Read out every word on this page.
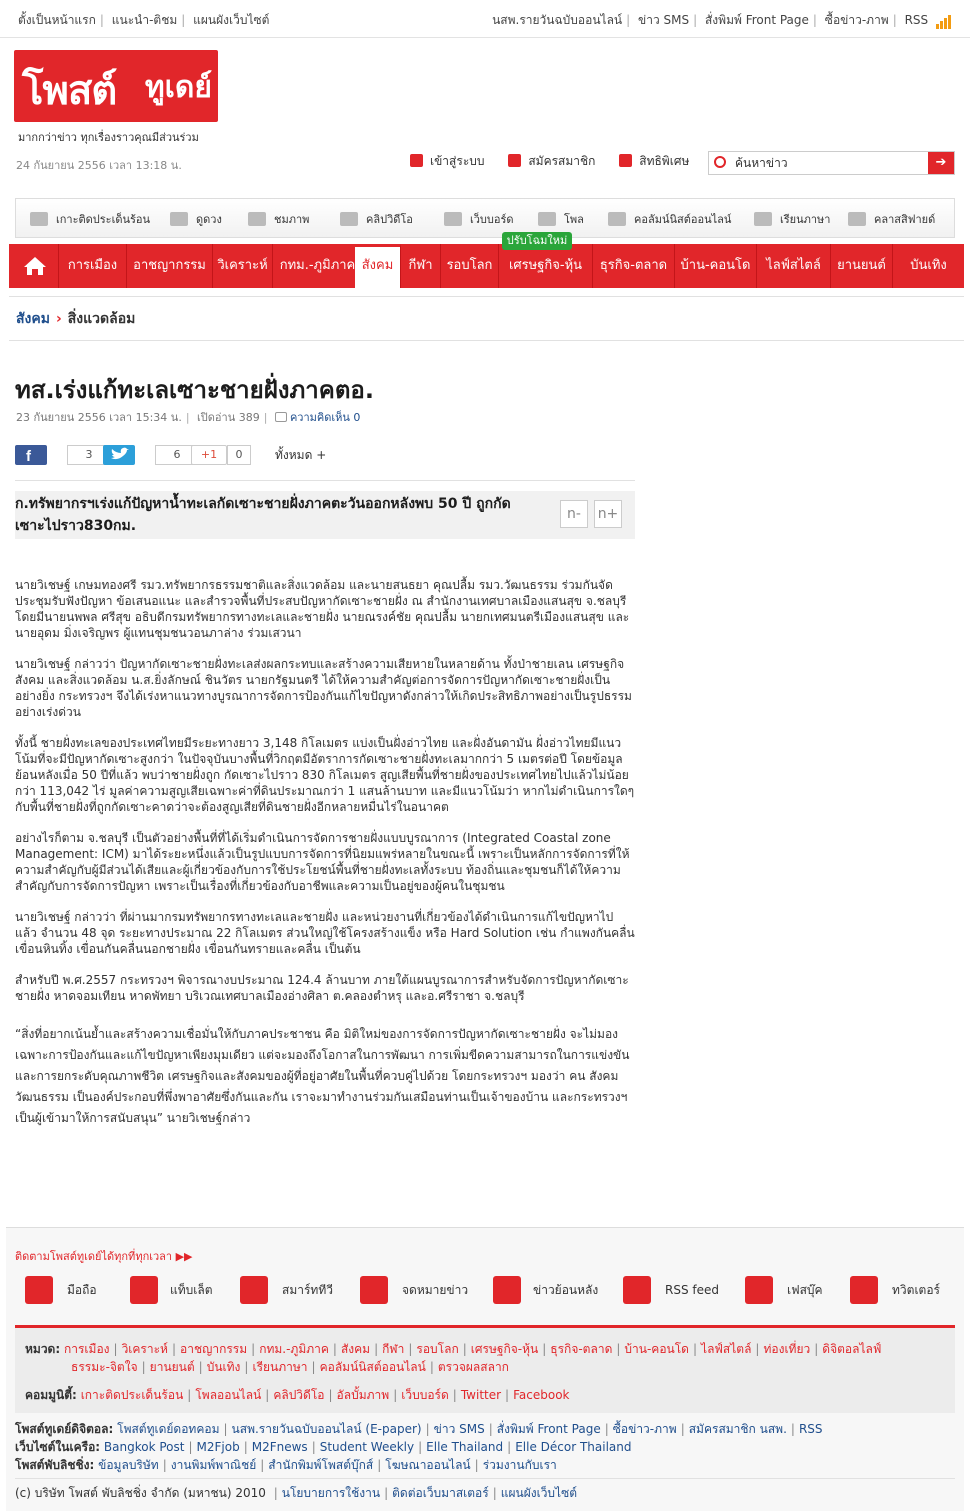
ตั้งเป็นหน้าแรก | แนะนำ-ติชม | แผนผังเว็บไซต์	นสพ.รายวันฉบับออนไลน์ | ข่าว SMS | สั่งพิมพ์ Front Page | ซื้อข่าว-ภาพ | RSS
โพสต์ ทูเดย์
มากกว่าข่าว ทุกเรื่องราวคุณมีส่วนร่วม
24 กันยายน 2556 เวลา 13:18 น.	เข้าสู่ระบบ	สมัครสมาชิก	สิทธิพิเศษ
ค้นหาข่าว	➔
เกาะติดประเด็นร้อน	ดูดวง	ชมภาพ	คลิปวิดีโอ	เว็บบอร์ด	โพล	คอลัมน์นิสต์ออนไลน์	เรียนภาษา	คลาสสิฟายด์
การเมือง	อาชญากรรม วิเคราะห์ กทม.-ภูมิภาค สังคม	กีฬา	รอบโลก	เศรษฐกิจ-หุ้น	ธุรกิจ-ตลาด	บ้าน-คอนโด	ไลฟ์สไตล์	ยานยนต์	บันเทิง
ปรับโฉมใหม่
สังคม › สิ่งแวดล้อม
ทส.เร่งแก้ทะเลเซาะชายฝั่งภาคตอ.
23 กันยายน 2556 เวลา 15:34 น. | เปิดอ่าน 389 | ความคิดเห็น 0
f	3	6	+1	0	ทั้งหมด +

ก.ทรัพยากรฯเร่งแก้ปัญหาน้ำทะเลกัดเซาะชายฝั่งภาคตะวันออกหลังพบ 50 ปี ถูกกัดเซาะไปราว830กม.

n-	n+

นายวิเชษฐ์ เกษมทองศรี รมว.ทรัพยากรธรรมชาติและสิ่งแวดล้อม และนายสนธยา คุณปลื้ม รมว.วัฒนธรรม ร่วมกันจัดประชุมรับฟังปัญหา ข้อเสนอแนะ และสำรวจพื้นที่ประสบปัญหากัดเซาะชายฝั่ง ณ สำนักงานเทศบาลเมืองแสนสุข จ.ชลบุรี โดยมีนายนพพล ศรีสุข อธิบดีกรมทรัพยากรทางทะเลและชายฝั่ง นายณรงค์ชัย คุณปลื้ม นายกเทศมนตรีเมืองแสนสุข และนายอุดม มิ่งเจริญพร ผู้แทนชุมชนวอนภาล่าง ร่วมเสวนา

นายวิเชษฐ์ กล่าวว่า ปัญหากัดเซาะชายฝั่งทะเลส่งผลกระทบและสร้างความเสียหายในหลายด้าน ทั้งป่าชายเลน เศรษฐกิจ สังคม และสิ่งแวดล้อม น.ส.ยิ่งลักษณ์ ชินวัตร นายกรัฐมนตรี ได้ให้ความสำคัญต่อการจัดการปัญหากัดเซาะชายฝั่งเป็นอย่างยิ่ง กระทรวงฯ จึงได้เร่งหาแนวทางบูรณาการจัดการป้องกันแก้ไขปัญหาดังกล่าวให้เกิดประสิทธิภาพอย่างเป็นรูปธรรมอย่างเร่งด่วน

ทั้งนี้ ชายฝั่งทะเลของประเทศไทยมีระยะทางยาว 3,148 กิโลเมตร แบ่งเป็นฝั่งอ่าวไทย และฝั่งอันดามัน ฝั่งอ่าวไทยมีแนวโน้มที่จะมีปัญหากัดเซาะสูงกว่า ในปัจจุบันบางพื้นที่วิกฤตมีอัตราการกัดเซาะชายฝั่งทะเลมากกว่า 5 เมตรต่อปี โดยข้อมูลย้อนหลังเมื่อ 50 ปีที่แล้ว พบว่าชายฝั่งถูก กัดเซาะไปราว 830 กิโลเมตร สูญเสียพื้นที่ชายฝั่งของประเทศไทยไปแล้วไม่น้อยกว่า 113,042 ไร่ มูลค่าความสูญเสียเฉพาะค่าที่ดินประมาณกว่า 1 แสนล้านบาท และมีแนวโน้มว่า หากไม่ดำเนินการใดๆ กับพื้นที่ชายฝั่งที่ถูกกัดเซาะคาดว่าจะต้องสูญเสียที่ดินชายฝั่งอีกหลายหมื่นไร่ในอนาคต

อย่างไรก็ตาม จ.ชลบุรี เป็นตัวอย่างพื้นที่ที่ได้เริ่มดำเนินการจัดการชายฝั่งแบบบูรณาการ (Integrated Coastal zone Management: ICM) มาได้ระยะหนึ่งแล้วเป็นรูปแบบการจัดการที่นิยมแพร่หลายในขณะนี้ เพราะเป็นหลักการจัดการที่ให้ความสำคัญกับผู้มีส่วนได้เสียและผู้เกี่ยวข้องกับการใช้ประโยชน์พื้นที่ชายฝั่งทะเลทั้งระบบ ท้องถิ่นและชุมชนก็ได้ให้ความสำคัญกับการจัดการปัญหา เพราะเป็นเรื่องที่เกี่ยวข้องกับอาชีพและความเป็นอยู่ของผู้คนในชุมชน

นายวิเชษฐ์ กล่าวว่า ที่ผ่านมากรมทรัพยากรทางทะเลและชายฝั่ง และหน่วยงานที่เกี่ยวข้องได้ดำเนินการแก้ไขปัญหาไปแล้ว จำนวน 48 จุด ระยะทางประมาณ 22 กิโลเมตร ส่วนใหญ่ใช้โครงสร้างแข็ง หรือ Hard Solution เช่น กำแพงกันคลื่น เขื่อนหินทิ้ง เขื่อนกันคลื่นนอกชายฝั่ง เขื่อนกันทรายและคลื่น เป็นต้น

สำหรับปี พ.ศ.2557 กระทรวงฯ พิจารณางบประมาณ 124.4 ล้านบาท ภายใต้แผนบูรณาการสำหรับจัดการปัญหากัดเซาะชายฝั่ง หาดจอมเทียน หาดพัทยา บริเวณเทศบาลเมืองอ่างศิลา ต.คลองตำหรุ และอ.ศรีราชา จ.ชลบุรี

“สิ่งที่อยากเน้นย้ำและสร้างความเชื่อมั่นให้กับภาคประชาชน คือ มิติใหม่ของการจัดการปัญหากัดเซาะชายฝั่ง จะไม่มองเฉพาะการป้องกันและแก้ไขปัญหาเพียงมุมเดียว แต่จะมองถึงโอกาสในการพัฒนา การเพิ่มขีดความสามารถในการแข่งขันและการยกระดับคุณภาพชีวิต เศรษฐกิจและสังคมของผู้ที่อยู่อาศัยในพื้นที่ควบคู่ไปด้วย โดยกระทรวงฯ มองว่า คน สังคม วัฒนธรรม เป็นองค์ประกอบที่พึ่งพาอาศัยซึ่งกันและกัน เราจะมาทำงานร่วมกันเสมือนท่านเป็นเจ้าของบ้าน และกระทรวงฯ เป็นผู้เข้ามาให้การสนับสนุน” นายวิเชษฐ์กล่าว

ติดตามโพสต์ทูเดย์ได้ทุกที่ทุกเวลา ▶▶
มือถือ	แท็บเล็ต	สมาร์ททีวี	จดหมายข่าว	ข่าวย้อนหลัง	RSS feed	เฟสบุ๊ค	ทวิตเตอร์
หมวด: การเมือง | วิเคราะห์ | อาชญากรรม | กทม.-ภูมิภาค | สังคม | กีฬา | รอบโลก | เศรษฐกิจ-หุ้น | ธุรกิจ-ตลาด | บ้าน-คอนโด | ไลฟ์สไตล์ | ท่องเที่ยว | ดิจิตอลไลฟ์
ธรรมะ-จิตใจ | ยานยนต์ | บันเทิง | เรียนภาษา | คอลัมน์นิสต์ออนไลน์ | ตรวจผลสลาก
คอมมูนิตี้: เกาะติดประเด็นร้อน | โพลออนไลน์ | คลิปวิดีโอ | อัลบั้มภาพ | เว็บบอร์ด | Twitter | Facebook
โพสต์ทูเดย์ดิจิตอล: โพสต์ทูเดย์ดอทคอม | นสพ.รายวันฉบับออนไลน์ (E-paper) | ข่าว SMS | สั่งพิมพ์ Front Page | ซื้อข่าว-ภาพ | สมัครสมาชิก นสพ. | RSS
เว็บไซต์ในเครือ: Bangkok Post | M2Fjob | M2Fnews | Student Weekly | Elle Thailand | Elle Décor Thailand
โพสต์พับลิชชิ่ง: ข้อมูลบริษัท | งานพิมพ์พาณิชย์ | สำนักพิมพ์โพสต์บุ๊กส์ | โฆษณาออนไลน์ | ร่วมงานกับเรา
(c) บริษัท โพสต์ พับลิชชิ่ง จำกัด (มหาชน) 2010 | นโยบายการใช้งาน | ติดต่อเว็บมาสเตอร์ | แผนผังเว็บไซต์
